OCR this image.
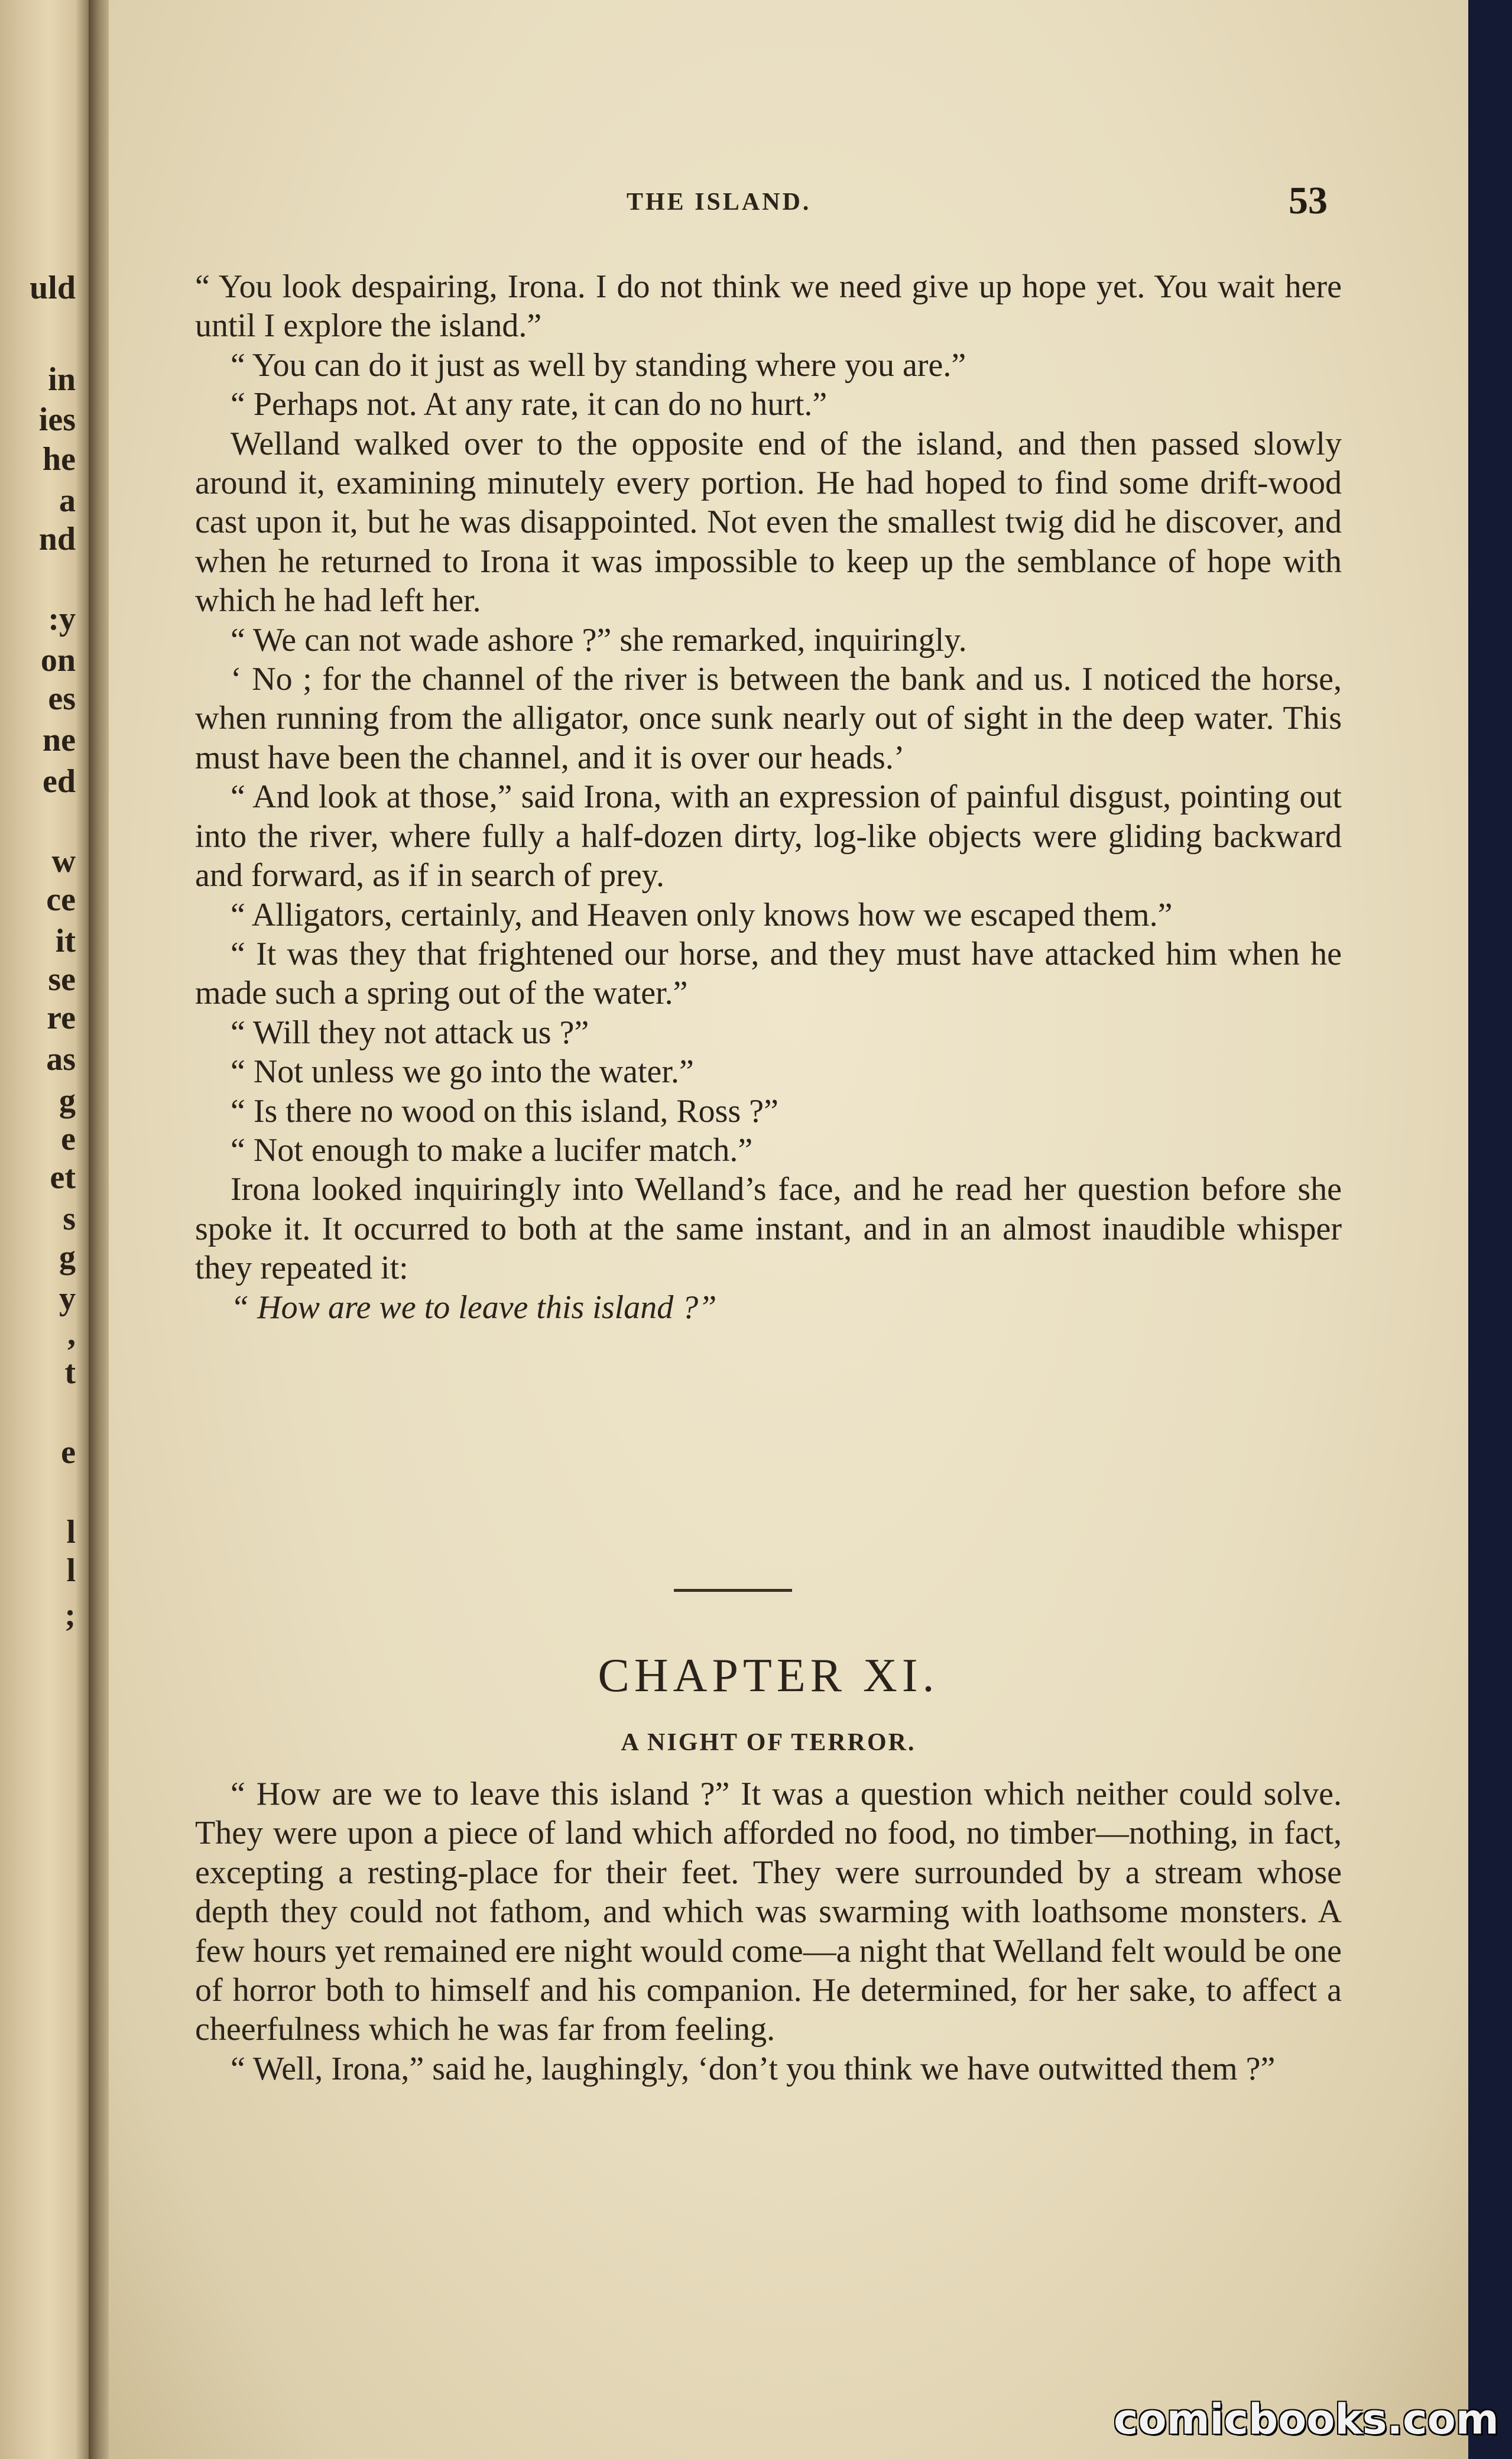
uld
in
ies
he
a
nd
:y
on
es
ne
ed
w
ce
it
se
re
as
g
e
et
s
g
y
,
t
e
l
l
;
THE ISLAND.	53

“ You look despairing, Irona. I do not think we need give up hope yet. You wait here until I explore the island.”

“ You can do it just as well by standing where you are.”

“ Perhaps not. At any rate, it can do no hurt.”

Welland walked over to the opposite end of the island, and then passed slowly around it, examining minutely every portion. He had hoped to find some drift-wood cast upon it, but he was disappointed. Not even the smallest twig did he discover, and when he returned to Irona it was impossible to keep up the semblance of hope with which he had left her.

“ We can not wade ashore ?” she remarked, inquiringly.

‘ No ; for the channel of the river is between the bank and us. I noticed the horse, when running from the alligator, once sunk nearly out of sight in the deep water. This must have been the channel, and it is over our heads.’

“ And look at those,” said Irona, with an expression of painful disgust, pointing out into the river, where fully a half-dozen dirty, log-like objects were gliding backward and forward, as if in search of prey.

“ Alligators, certainly, and Heaven only knows how we escaped them.”

“ It was they that frightened our horse, and they must have attacked him when he made such a spring out of the water.”

“ Will they not attack us ?”

“ Not unless we go into the water.”

“ Is there no wood on this island, Ross ?”

“ Not enough to make a lucifer match.”

Irona looked inquiringly into Welland’s face, and he read her question before she spoke it. It occurred to both at the same instant, and in an almost inaudible whisper they repeated it:

“ How are we to leave this island ?”

CHAPTER XI.
A NIGHT OF TERROR.

“ How are we to leave this island ?” It was a question which neither could solve. They were upon a piece of land which afforded no food, no timber—nothing, in fact, excepting a resting-place for their feet. They were surrounded by a stream whose depth they could not fathom, and which was swarming with loathsome monsters. A few hours yet remained ere night would come—a night that Welland felt would be one of horror both to himself and his companion. He determined, for her sake, to affect a cheerfulness which he was far from feeling.

“ Well, Irona,” said he, laughingly, ‘don’t you think we have outwitted them ?”

comicbooks.com
